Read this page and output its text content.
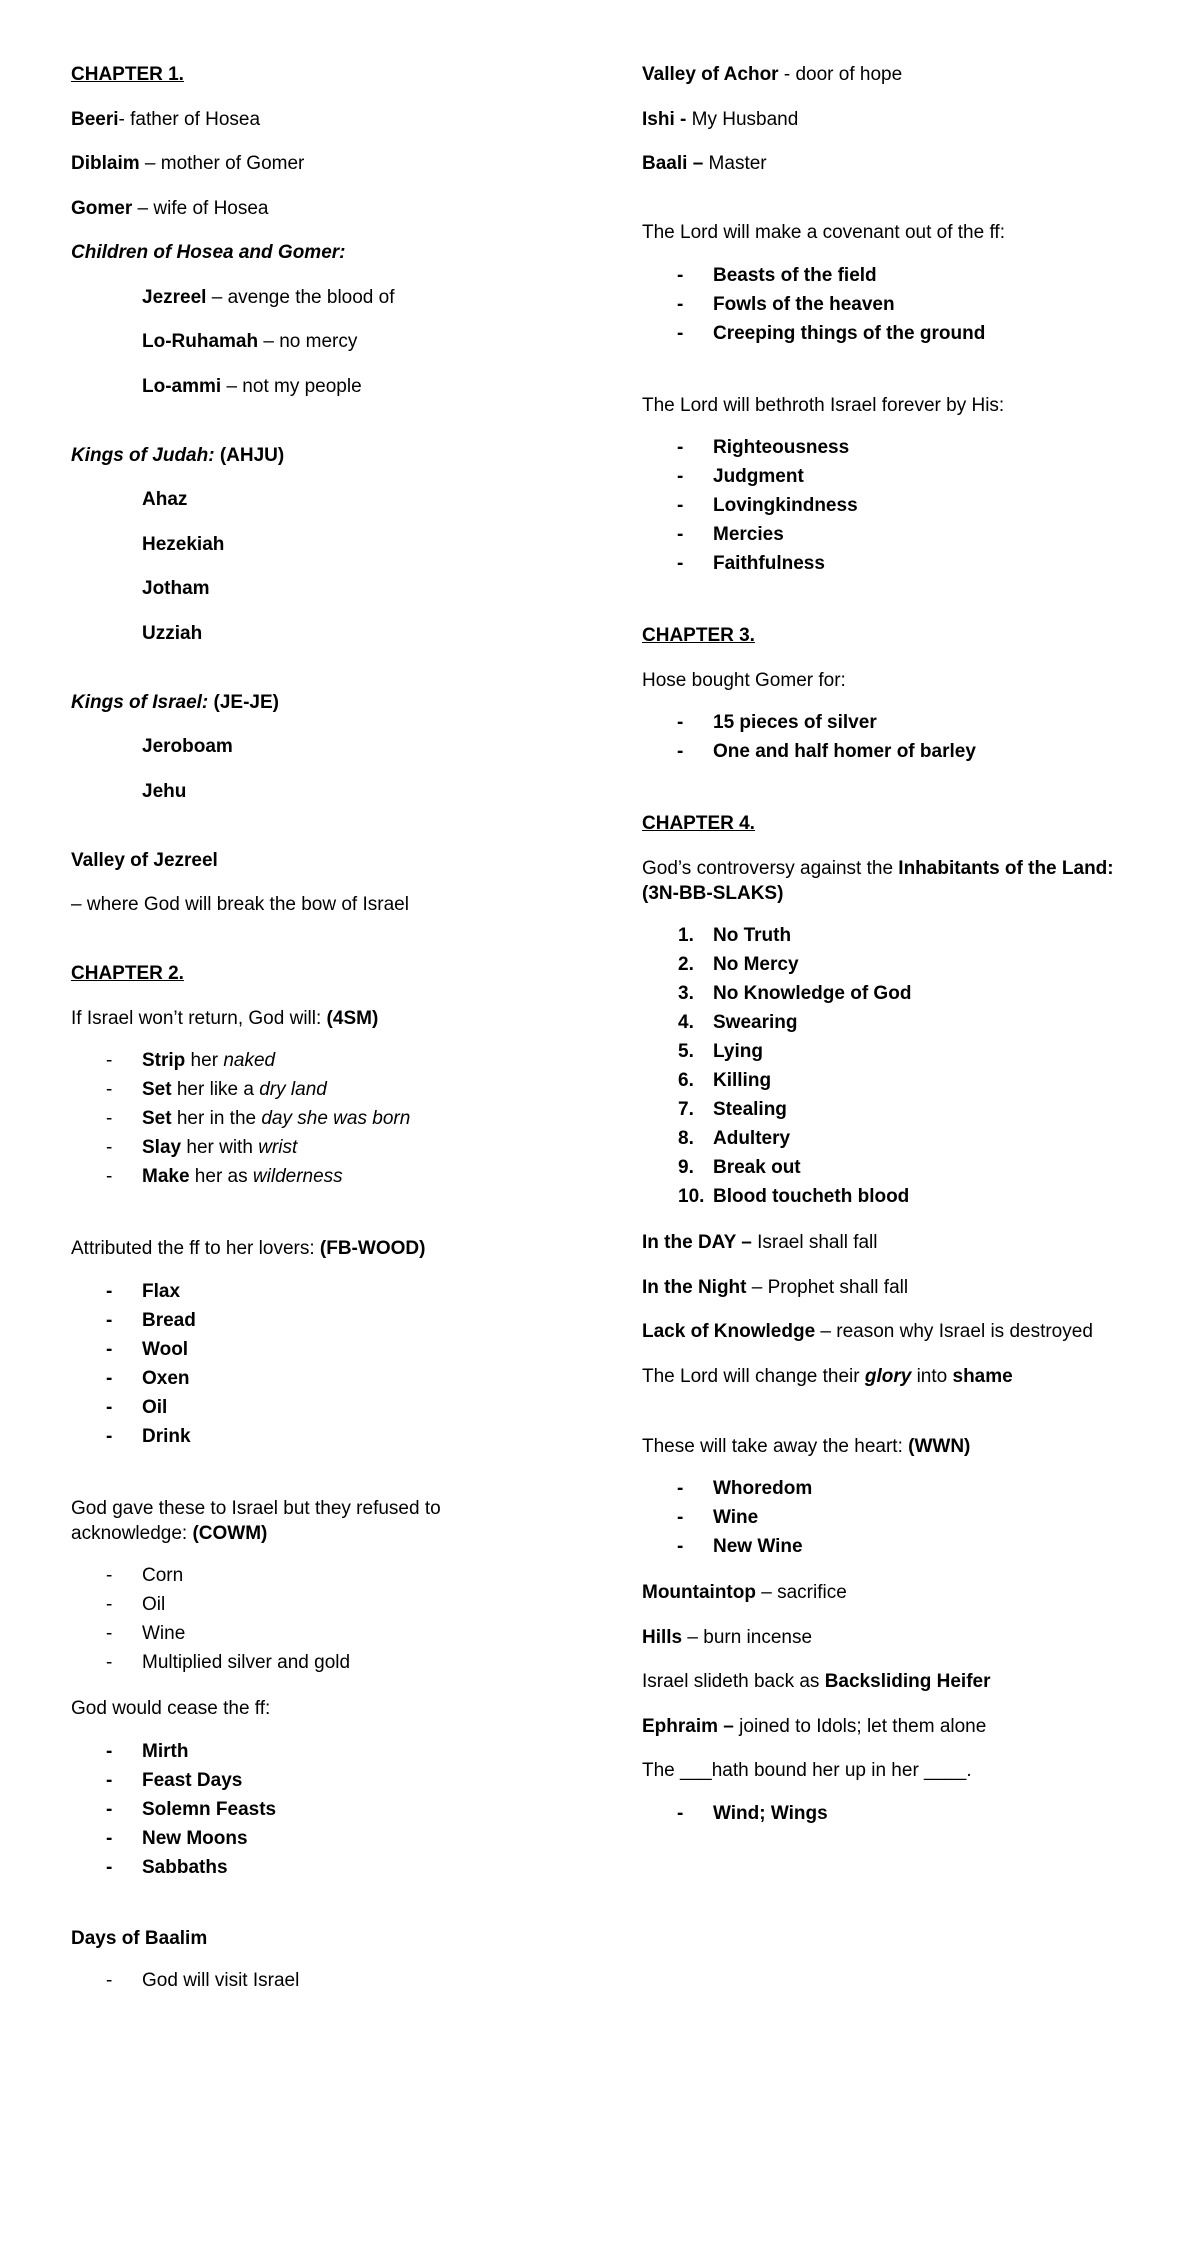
CHAPTER 1.

Beeri- father of Hosea

Diblaim – mother of Gomer

Gomer – wife of Hosea

Children of Hosea and Gomer:

Jezreel – avenge the blood of

Lo-Ruhamah – no mercy

Lo-ammi – not my people

Kings of Judah: (AHJU)

Ahaz

Hezekiah

Jotham

Uzziah

Kings of Israel: (JE-JE)

Jeroboam

Jehu

Valley of Jezreel

– where God will break the bow of Israel

CHAPTER 2.

If Israel won’t return, God will: (4SM)

- Strip her naked
- Set her like a dry land
- Set her in the day she was born
- Slay her with wrist
- Make her as wilderness

Attributed the ff to her lovers: (FB-WOOD)

- Flax
- Bread
- Wool
- Oxen
- Oil
- Drink

God gave these to Israel but they refused to acknowledge: (COWM)

- Corn
- Oil
- Wine
- Multiplied silver and gold

God would cease the ff:

- Mirth
- Feast Days
- Solemn Feasts
- New Moons
- Sabbaths

Days of Baalim

- God will visit Israel

Valley of Achor - door of hope

Ishi - My Husband

Baali – Master

The Lord will make a covenant out of the ff:

- Beasts of the field
- Fowls of the heaven
- Creeping things of the ground

The Lord will bethroth Israel forever by His:

- Righteousness
- Judgment
- Lovingkindness
- Mercies
- Faithfulness

CHAPTER 3.

Hose bought Gomer for:

- 15 pieces of silver
- One and half homer of barley

CHAPTER 4.

God’s controversy against the Inhabitants of the Land:
(3N-BB-SLAKS)

1. No Truth
2. No Mercy
3. No Knowledge of God
4. Swearing
5. Lying
6. Killing
7. Stealing
8. Adultery
9. Break out
10. Blood toucheth blood

In the DAY – Israel shall fall

In the Night – Prophet shall fall

Lack of Knowledge – reason why Israel is destroyed

The Lord will change their glory into shame

These will take away the heart: (WWN)

- Whoredom
- Wine
- New Wine

Mountaintop – sacrifice

Hills – burn incense

Israel slideth back as Backsliding Heifer

Ephraim – joined to Idols; let them alone

The ___hath bound her up in her ____.

- Wind; Wings
